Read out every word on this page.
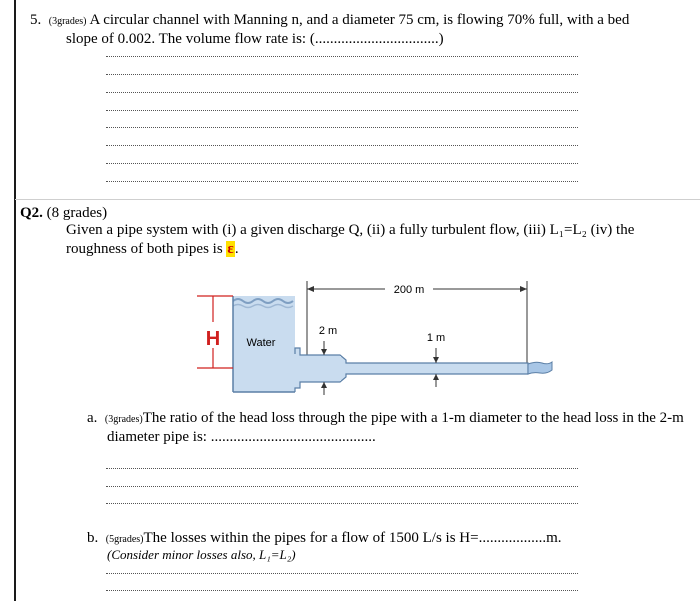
5. (3grades) A circular channel with Manning n, and a diameter 75 cm, is flowing 70% full, with a bed
slope of 0.002. The volume flow rate is: (.................................)
Q2. (8 grades)
Given a pipe system with (i) a given discharge Q, (ii) a fully turbulent flow, (iii) L₁=L₂ (iv) the
roughness of both pipes is ε.
200 m
2 m
1 m
H Water
a. (3grades)The ratio of the head loss through the pipe with a 1-m diameter to the head loss in the 2-m
diameter pipe is: ............................................
b. (5grades)The losses within the pipes for a flow of 1500 L/s is H=..................m.
(Consider minor losses also, L₁=L₂)
